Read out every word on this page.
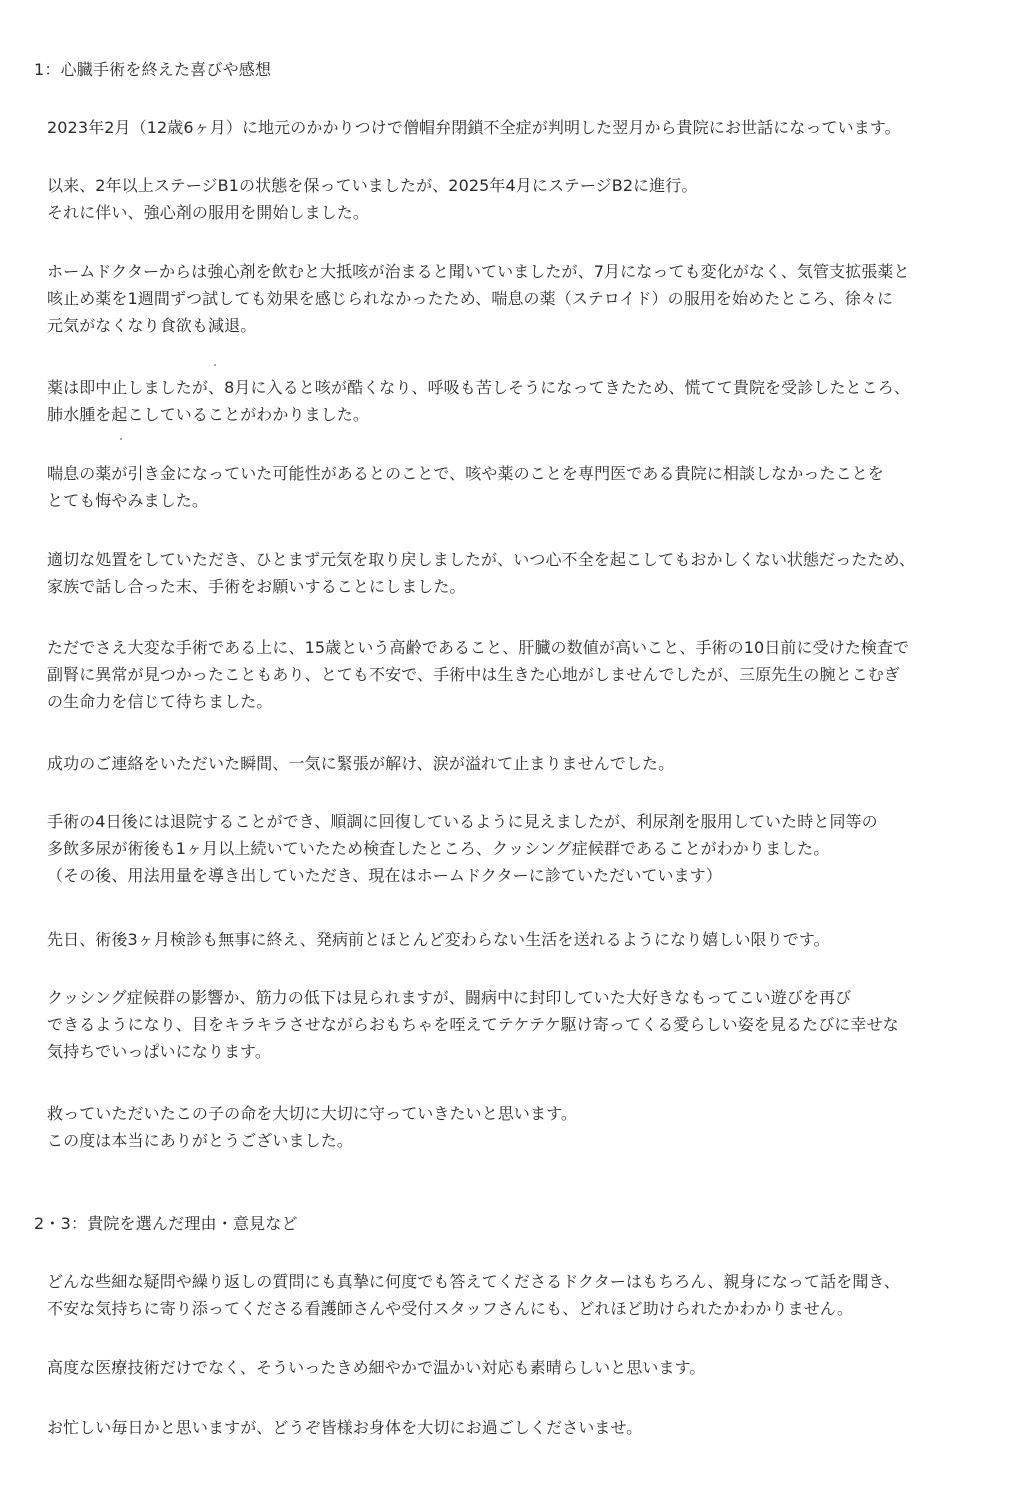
1：心臓手術を終えた喜びや感想
2023年2月（12歳6ヶ月）に地元のかかりつけで僧帽弁閉鎖不全症が判明した翌月から貴院にお世話になっています。
以来、2年以上ステージB1の状態を保っていましたが、2025年4月にステージB2に進行。
それに伴い、強心剤の服用を開始しました。
ホームドクターからは強心剤を飲むと大抵咳が治まると聞いていましたが、7月になっても変化がなく、気管支拡張薬と
咳止め薬を1週間ずつ試しても効果を感じられなかったため、喘息の薬（ステロイド）の服用を始めたところ、徐々に
元気がなくなり食欲も減退。
薬は即中止しましたが、8月に入ると咳が酷くなり、呼吸も苦しそうになってきたため、慌てて貴院を受診したところ、
肺水腫を起こしていることがわかりました。
喘息の薬が引き金になっていた可能性があるとのことで、咳や薬のことを専門医である貴院に相談しなかったことを
とても悔やみました。
適切な処置をしていただき、ひとまず元気を取り戻しましたが、いつ心不全を起こしてもおかしくない状態だったため、
家族で話し合った末、手術をお願いすることにしました。
ただでさえ大変な手術である上に、15歳という高齢であること、肝臓の数値が高いこと、手術の10日前に受けた検査で
副腎に異常が見つかったこともあり、とても不安で、手術中は生きた心地がしませんでしたが、三原先生の腕とこむぎ
の生命力を信じて待ちました。
成功のご連絡をいただいた瞬間、一気に緊張が解け、涙が溢れて止まりませんでした。
手術の4日後には退院することができ、順調に回復しているように見えましたが、利尿剤を服用していた時と同等の
多飲多尿が術後も1ヶ月以上続いていたため検査したところ、クッシング症候群であることがわかりました。
（その後、用法用量を導き出していただき、現在はホームドクターに診ていただいています）
先日、術後3ヶ月検診も無事に終え、発病前とほとんど変わらない生活を送れるようになり嬉しい限りです。
クッシング症候群の影響か、筋力の低下は見られますが、闘病中に封印していた大好きなもってこい遊びを再び
できるようになり、目をキラキラさせながらおもちゃを咥えてテケテケ駆け寄ってくる愛らしい姿を見るたびに幸せな
気持ちでいっぱいになります。
救っていただいたこの子の命を大切に大切に守っていきたいと思います。
この度は本当にありがとうございました。
2・3：貴院を選んだ理由・意見など
どんな些細な疑問や繰り返しの質問にも真摯に何度でも答えてくださるドクターはもちろん、親身になって話を聞き、
不安な気持ちに寄り添ってくださる看護師さんや受付スタッフさんにも、どれほど助けられたかわかりません。
高度な医療技術だけでなく、そういったきめ細やかで温かい対応も素晴らしいと思います。
お忙しい毎日かと思いますが、どうぞ皆様お身体を大切にお過ごしくださいませ。
